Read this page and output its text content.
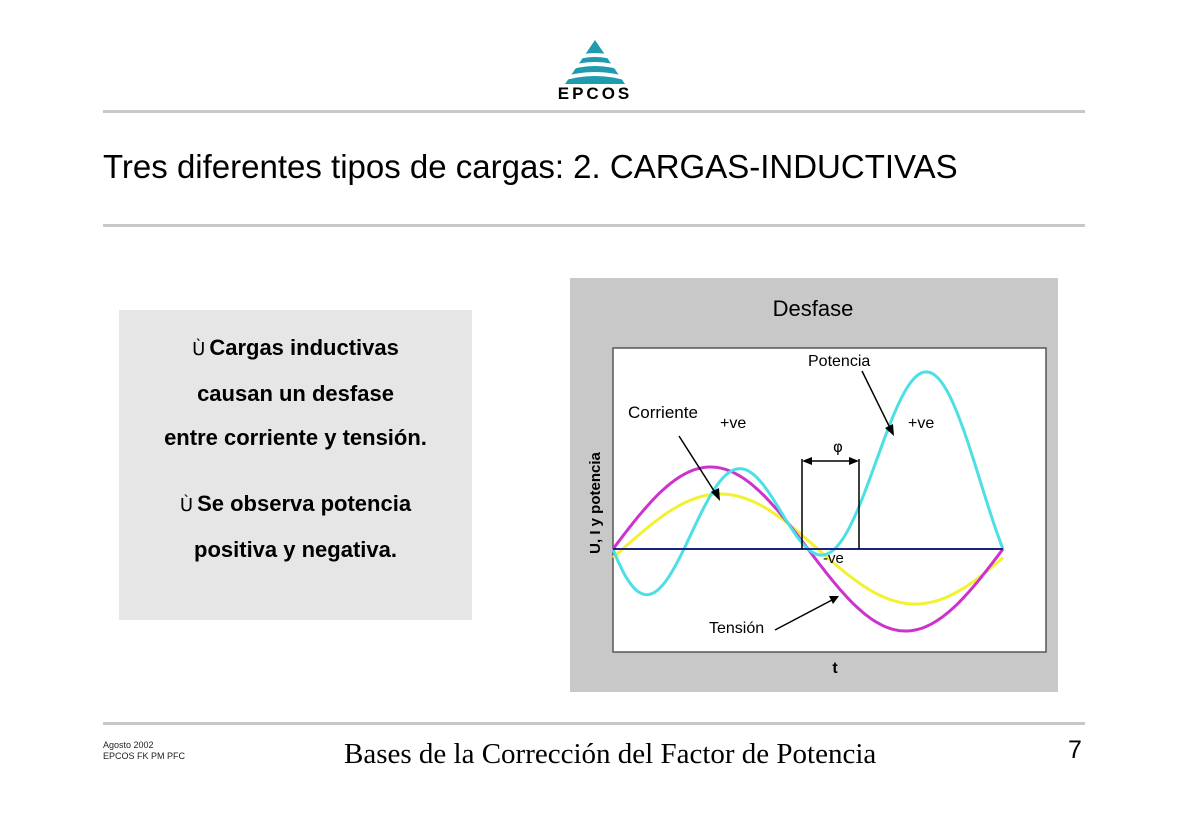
EPCOS
Tres diferentes tipos de cargas: 2. CARGAS-INDUCTIVAS
Ù Cargas inductivas
causan un desfase
entre corriente y tensión.
Ù Se observa potencia
positiva y negativa.
Desfase
φ
Potencia
Corriente
Tensión
+ve	+ve
-ve
U, I y potencia
t
Agosto 2002
EPCOS FK PM PFC	Bases de la Corrección del Factor de Potencia	7
